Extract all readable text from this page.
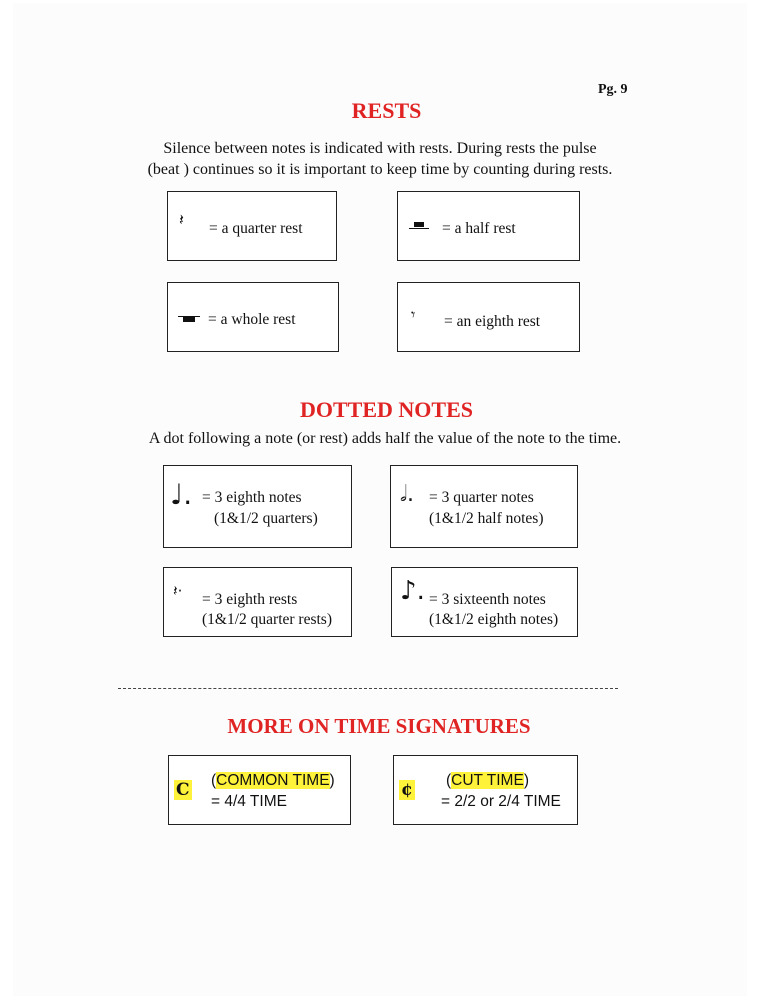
Pg. 9
RESTS
Silence between notes is indicated with rests. During rests the pulse
(beat ) continues so it is important to keep time by counting during rests.
𝄽 = a quarter rest	= a half rest
= a whole rest	𝄾 = an eighth rest
DOTTED NOTES
A dot following a note (or rest) adds half the value of the note to the time.
♩. = 3 eighth notes
(1&1/2 quarters)
𝅗𝅥. = 3 quarter notes
(1&1/2 half notes)
𝄽· = 3 eighth rests
(1&1/2 quarter rests)
♪. = 3 sixteenth notes
(1&1/2 eighth notes)
MORE ON TIME SIGNATURES
C (COMMON TIME)
= 4/4 TIME
¢ (CUT TIME)
= 2/2 or 2/4 TIME
